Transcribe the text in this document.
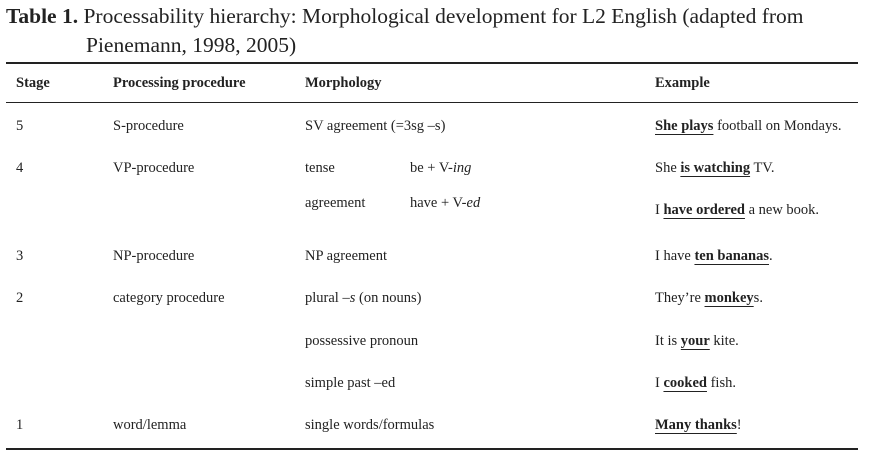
Table 1. Processability hierarchy: Morphological development for L2 English (adapted from
Pienemann, 1998, 2005)
Stage	Processing procedure	Morphology	Example
5	S-procedure	SV agreement (=3sg –s)	She plays football on Mondays.
4	VP-procedure	tense	be + V-ing	She is watching TV.
agreement	have + V-ed	I have ordered a new book.
3	NP-procedure	NP agreement	I have ten bananas.
2	category procedure	plural –s (on nouns)	They’re monkeys.
possessive pronoun	It is your kite.
simple past –ed	I cooked fish.
1	word/lemma	single words/formulas	Many thanks!
